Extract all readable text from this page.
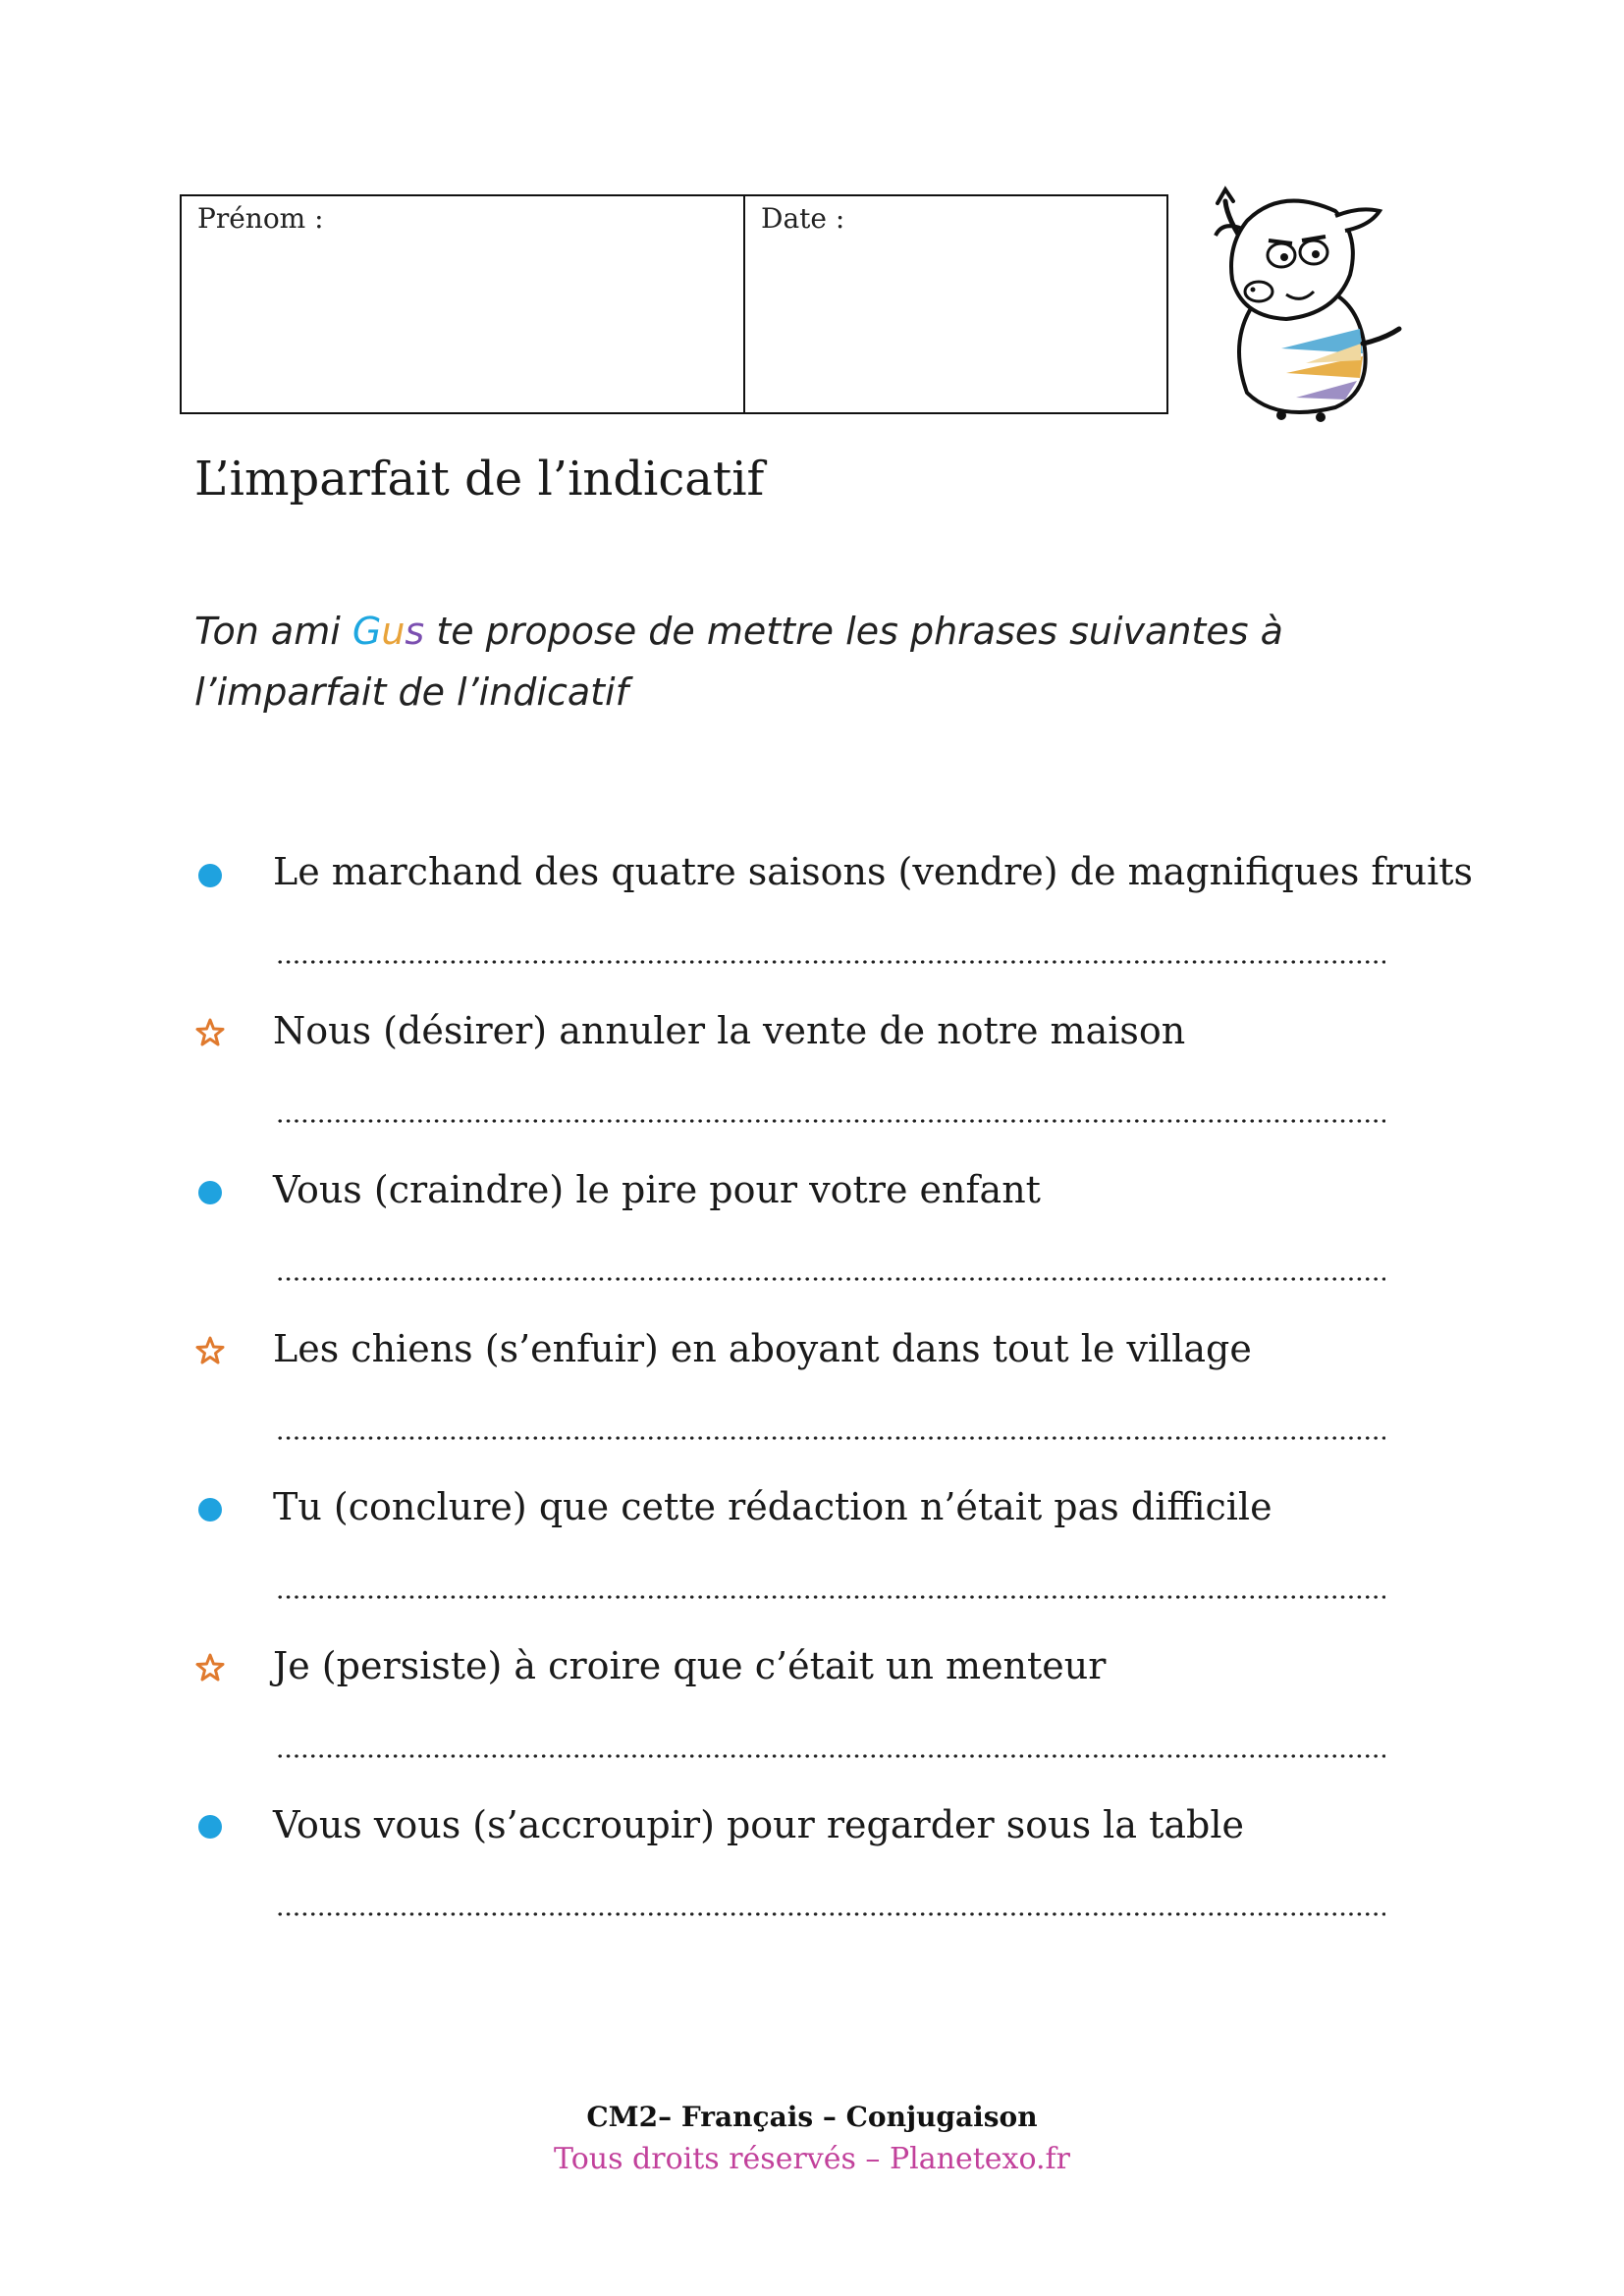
Prénom :	Date :
L’imparfait de l’indicatif
Ton ami Gus te propose de mettre les phrases suivantes à l’imparfait de l’indicatif
Le marchand des quatre saisons (vendre) de magnifiques fruits
Nous (désirer) annuler la vente de notre maison
Vous (craindre) le pire pour votre enfant
Les chiens (s’enfuir) en aboyant dans tout le village
Tu (conclure) que cette rédaction n’était pas difficile
Je (persiste) à croire que c’était un menteur
Vous vous (s’accroupir) pour regarder sous la table
CM2– Français – Conjugaison
Tous droits réservés – Planetexo.fr
